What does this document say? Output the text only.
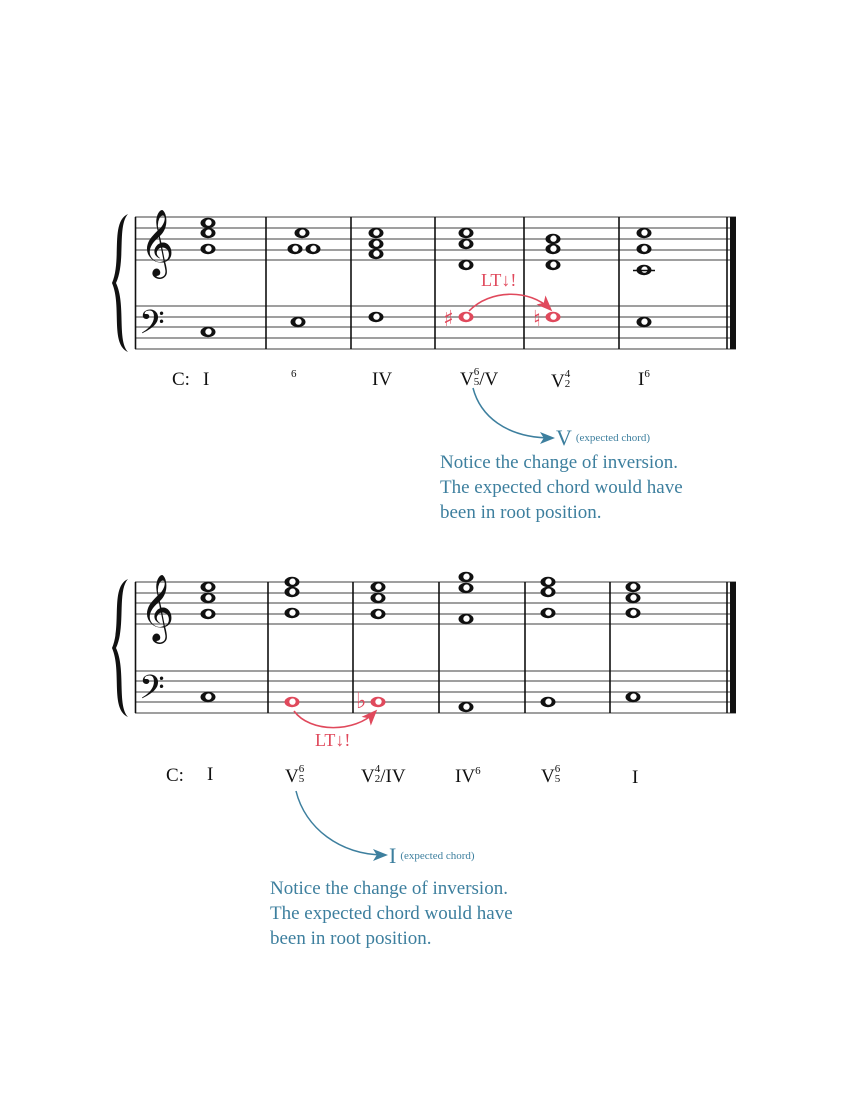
𝄞
𝄢	♯	♮
𝄞
𝄢	♭
C: I	$^6$	IV	V 6
5 /V	V 4
2	$I^6$
LT↓!
V $^{(expected chord)}$
Notice the change of inversion.
The expected chord would have
been in root position.
C: I	V 6
5	V 4
2 /IV	$IV^6$	V 6
5	I
LT↓!
I $^{(expected chord)}$
Notice the change of inversion.
The expected chord would have
been in root position.
